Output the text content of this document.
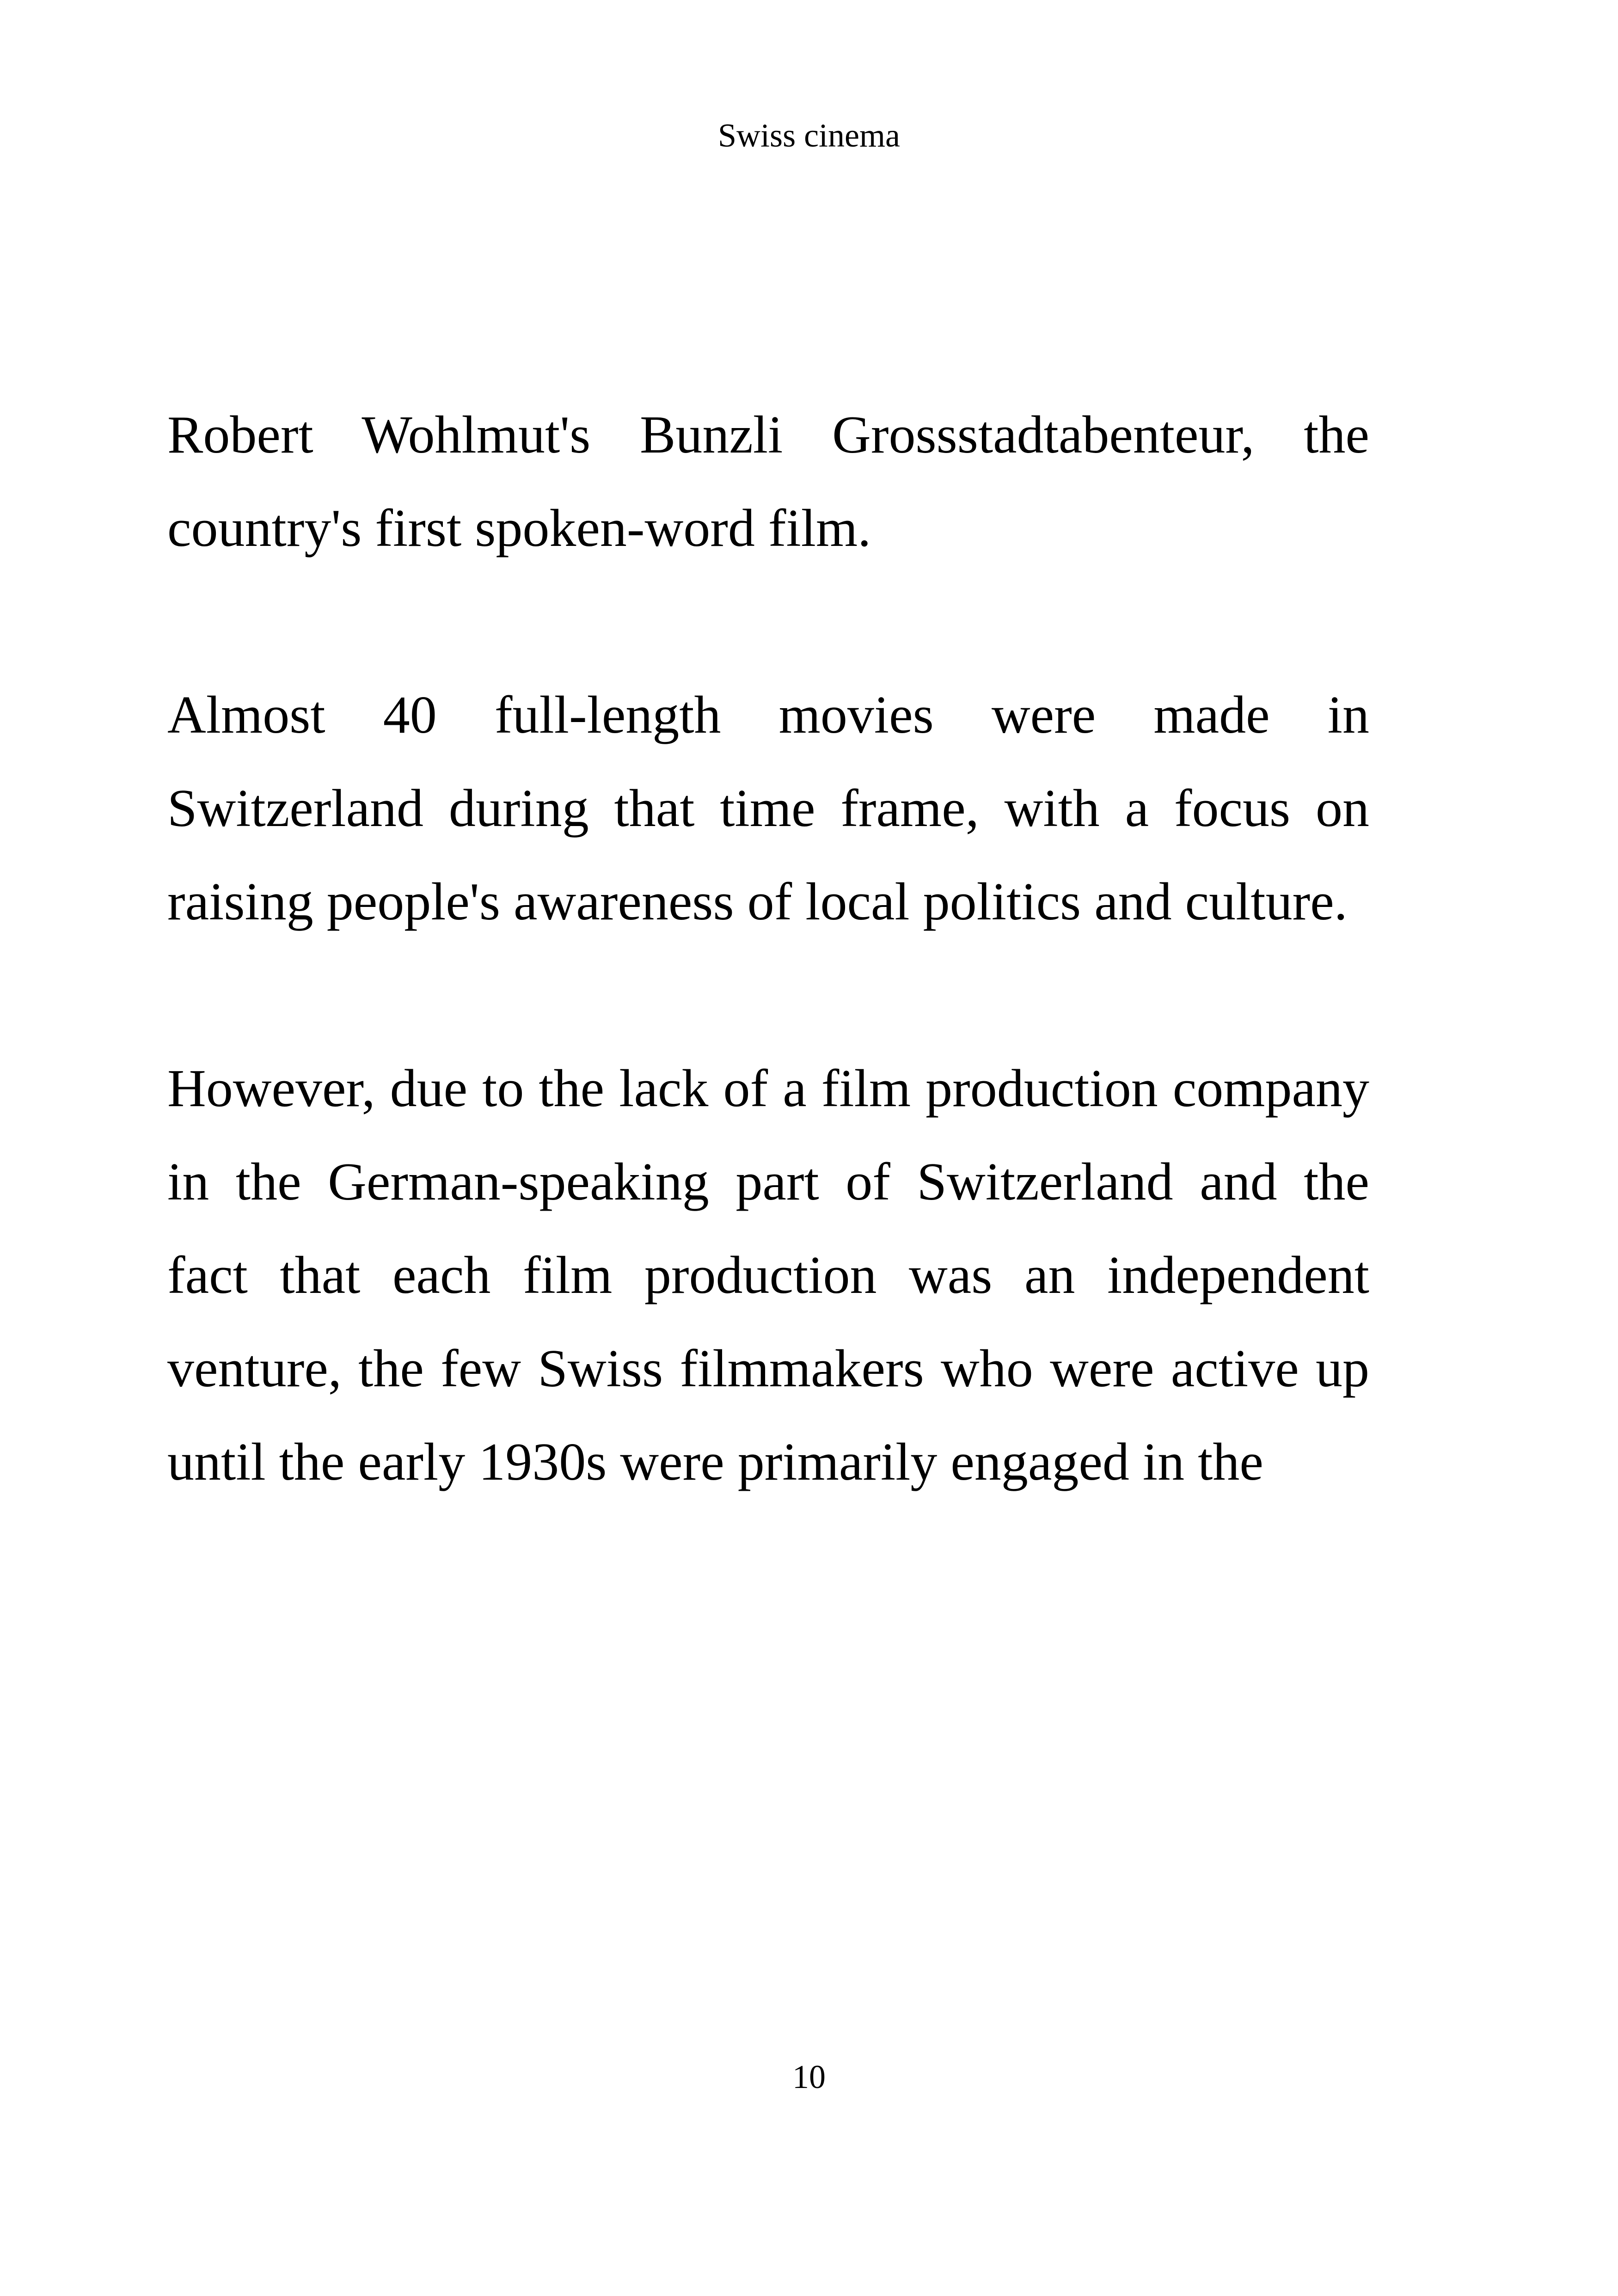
Swiss cinema

Robert Wohlmut's Bunzli Grossstadtabenteur, the country's first spoken-word film.

Almost 40 full-length movies were made in Switzerland during that time frame, with a focus on raising people's awareness of local politics and culture.

However, due to the lack of a film production company in the German-speaking part of Switzerland and the fact that each film production was an independent venture, the few Swiss filmmakers who were active up until the early 1930s were primarily engaged in the

10
